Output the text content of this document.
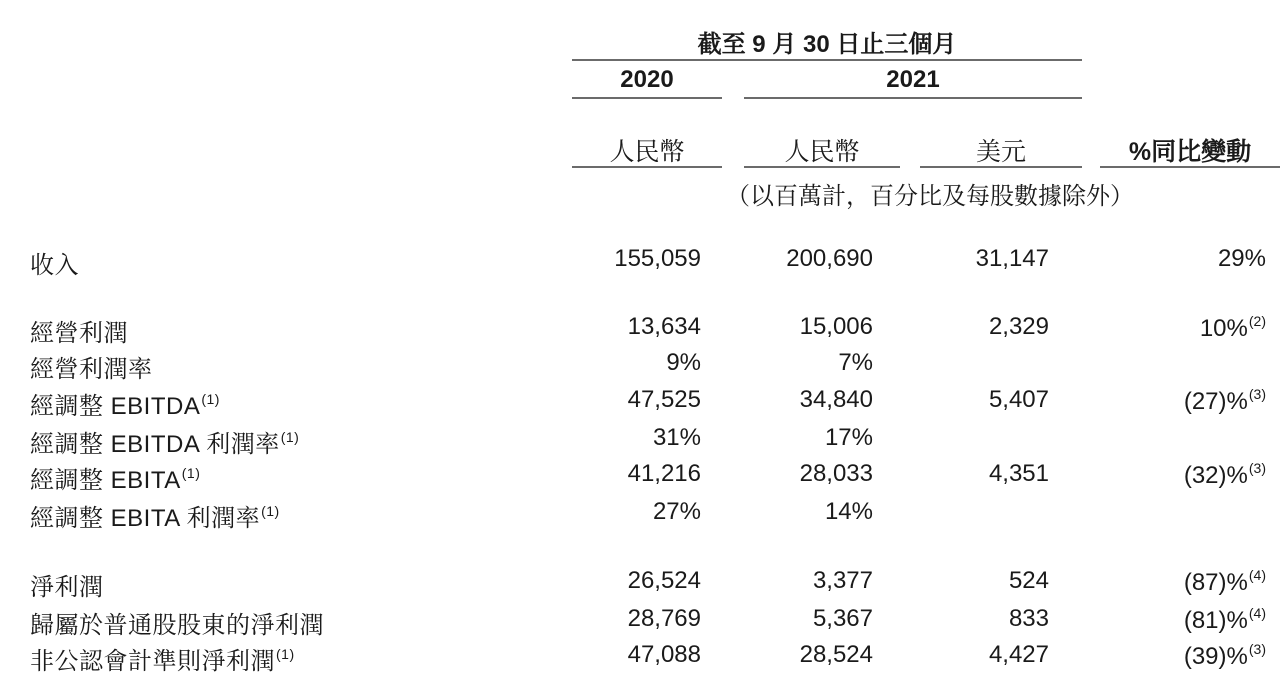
截至 9 月 30 日止三個月
2020	2021
人民幣	人民幣	美元	%同比變動
（以百萬計，百分比及每股數據除外）
收入	155,059	200,690	31,147	29%
經營利潤	13,634	15,006	2,329	10%$^{(2)}$
經營利潤率	9%	7%
經調整 EBITDA$^{(1)}$	47,525	34,840	5,407	(27)%$^{(3)}$
經調整 EBITDA 利潤率$^{(1)}$	31%	17%
經調整 EBITA$^{(1)}$	41,216	28,033	4,351	(32)%$^{(3)}$
經調整 EBITA 利潤率$^{(1)}$	27%	14%
淨利潤	26,524	3,377	524	(87)%$^{(4)}$
歸屬於普通股股東的淨利潤	28,769	5,367	833	(81)%$^{(4)}$
非公認會計準則淨利潤$^{(1)}$	47,088	28,524	4,427	(39)%$^{(3)}$
